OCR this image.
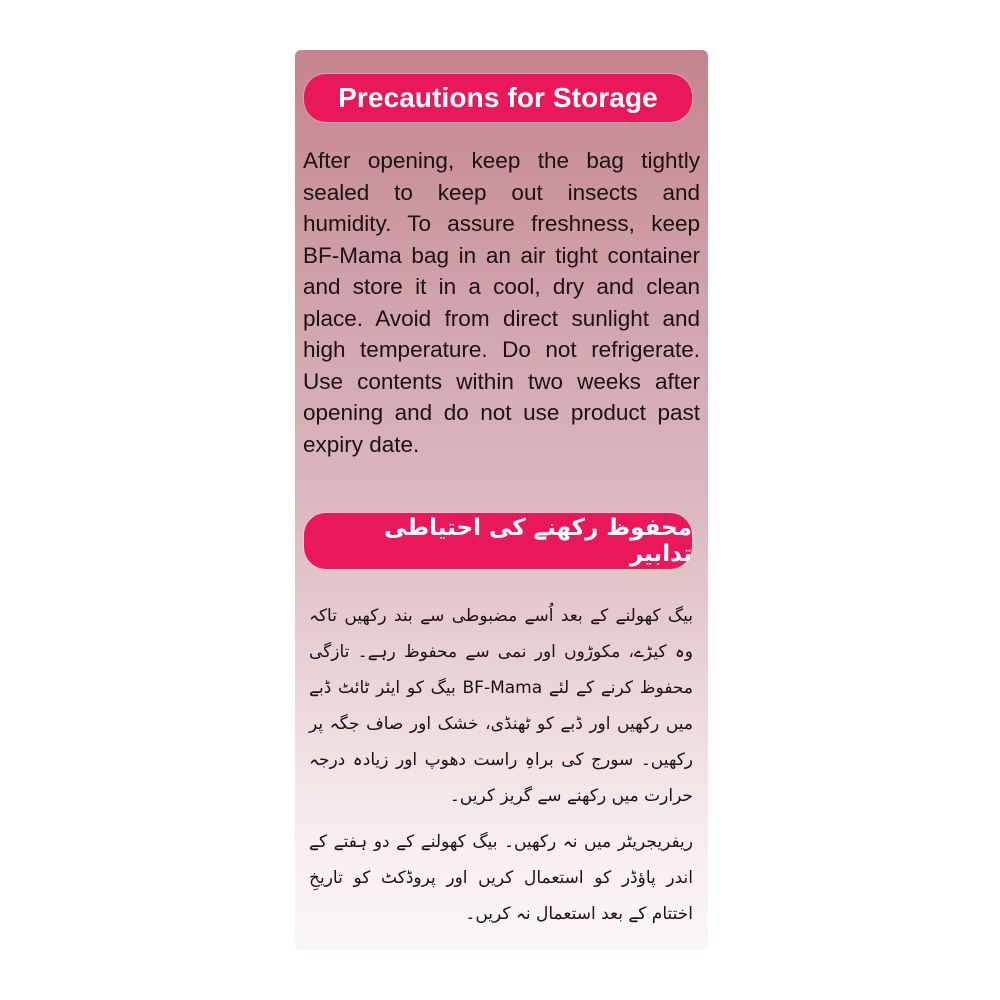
Precautions for Storage

After opening, keep the bag tightly sealed to keep out insects and humidity. To assure freshness, keep BF-Mama bag in an air tight container and store it in a cool, dry and clean place. Avoid from direct sunlight and high temperature. Do not refrigerate. Use contents within two weeks after opening and do not use product past expiry date.

محفوظ رکھنے کی احتیاطی تدابیر

بیگ کھولنے کے بعد اُسے مضبوطی سے بند رکھیں تاکہ وہ کیڑے، مکوڑوں اور نمی سے محفوظ رہے۔ تازگی محفوظ کرنے کے لئے BF-Mama بیگ کو ایئر ٹائٹ ڈبے میں رکھیں اور ڈبے کو ٹھنڈی، خشک اور صاف جگہ پر رکھیں۔ سورج کی براہِ راست دھوپ اور زیادہ درجہ حرارت میں رکھنے سے گریز کریں۔

ریفریجریٹر میں نہ رکھیں۔ بیگ کھولنے کے دو ہفتے کے اندر پاؤڈر کو استعمال کریں اور پروڈکٹ کو تاریخِ اختتام کے بعد استعمال نہ کریں۔
